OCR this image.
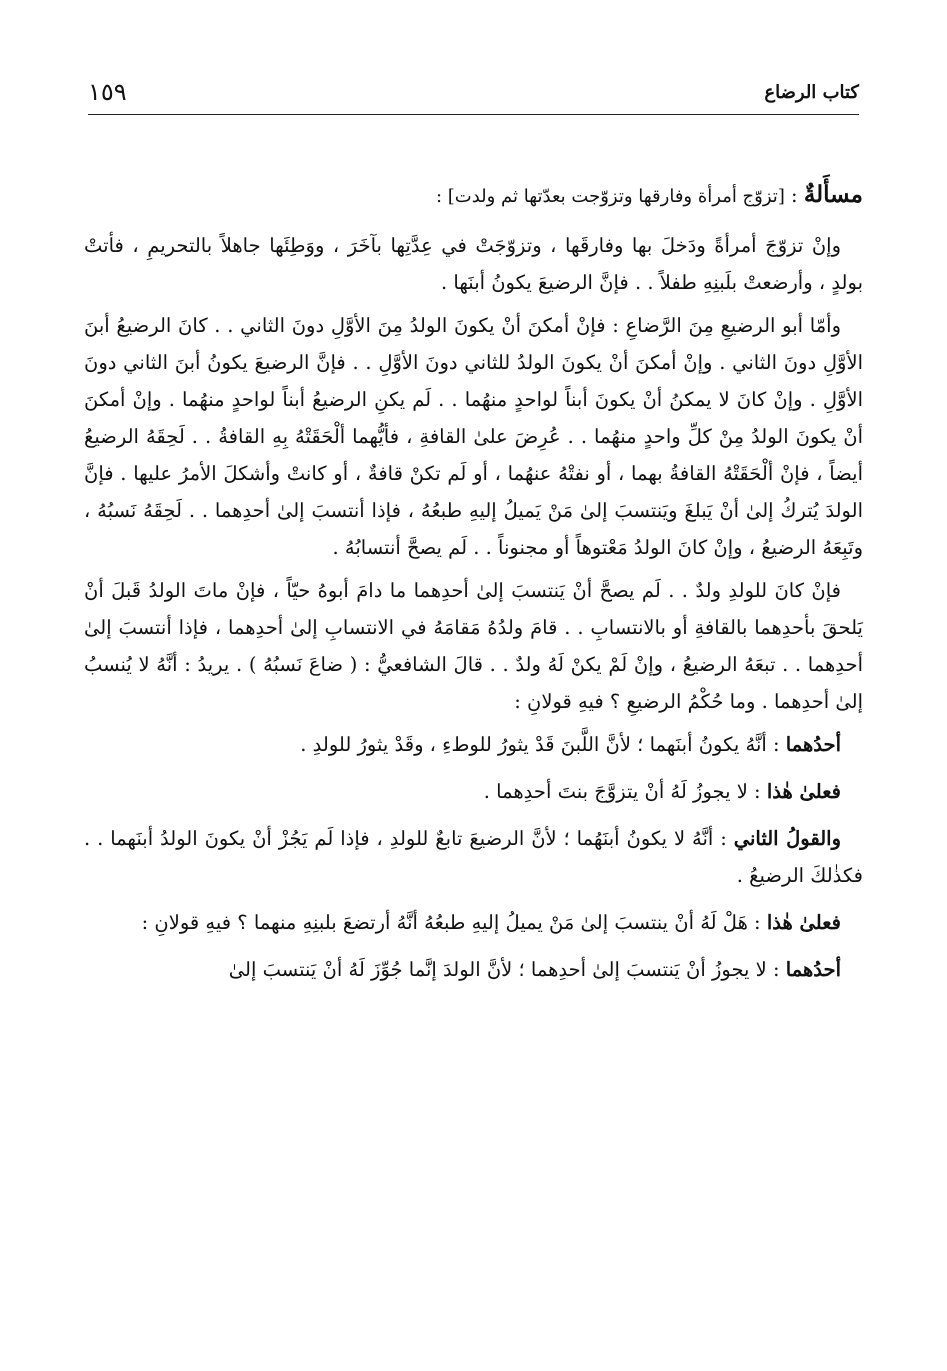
كتاب الرضاع
١٥٩

مسأَلةٌ : [تزوّج أمرأة وفارقها وتزوّجت بعدّتها ثم ولدت] :

وإنْ تزوّجَ أمرأةً ودَخلَ بها وفارقَها ، وتزوّجَتْ في عِدَّتِها بآخَرَ ، ووَطِئَها جاهلاً بالتحريمِ ، فأتتْ بولدٍ ، وأرضعتْ بلَبنِهِ طفلاً . . فإنَّ الرضيعَ يكونُ أبنَها .

وأمّا أبو الرضيعِ مِنَ الرَّضاعِ : فإنْ أمكنَ أنْ يكونَ الولدُ مِنَ الأوَّلِ دونَ الثاني . . كانَ الرضيعُ أبنَ الأوَّلِ دونَ الثاني . وإنْ أمكنَ أنْ يكونَ الولدُ للثاني دونَ الأوَّلِ . . فإنَّ الرضيعَ يكونُ أبنَ الثاني دونَ الأوَّلِ . وإنْ كانَ لا يمكنُ أنْ يكونَ أبناً لواحدٍ منهُما . . لَم يكنِ الرضيعُ أبناً لواحدٍ منهُما . وإنْ أمكنَ أنْ يكونَ الولدُ مِنْ كلِّ واحدٍ منهُما . . عُرِضَ علىٰ القافةِ ، فأيُّهما ألْحَقَتْهُ بِهِ القافةُ . . لَحِقَهُ الرضيعُ أيضاً ، فإنْ ألْحَقَتْهُ القافةُ بهما ، أو نفتْهُ عنهُما ، أو لَم تكنْ قافةٌ ، أو كانتْ وأشكلَ الأمرُ عليها . فإنَّ الولدَ يُتركُ إلىٰ أنْ يَبلغَ ويَنتسبَ إلىٰ مَنْ يَميلُ إليهِ طبعُهُ ، فإذا أنتسبَ إلىٰ أحدِهما . . لَحِقَهُ نَسبُهُ ، وتَبِعَهُ الرضيعُ ، وإنْ كانَ الولدُ مَعْتوهاً أو مجنوناً . . لَم يصحَّ أنتسابُهُ .

فإنْ كانَ للولدِ ولدٌ . . لَم يصحَّ أنْ يَنتسبَ إلىٰ أحدِهما ما دامَ أبوهُ حيّاً ، فإنْ ماتَ الولدُ قَبلَ أنْ يَلحقَ بأحدِهما بالقافةِ أو بالانتسابِ . . قامَ ولدُهُ مَقامَهُ في الانتسابِ إلىٰ أحدِهما ، فإذا أنتسبَ إلىٰ أحدِهما . . تبعَهُ الرضيعُ ، وإنْ لَمْ يكنْ لَهُ ولدٌ . . قالَ الشافعيُّ : ( ضاعَ نَسبُهُ ) . يريدُ : أنَّهُ لا يُنسبُ إلىٰ أحدِهما . وما حُكْمُ الرضيعِ ؟ فيهِ قولانِ :

أحدُهما : أنَّهُ يكونُ أبنَهما ؛ لأنَّ اللَّبنَ قَدْ يثورُ للوطءِ ، وقَدْ يثورُ للولدِ .

فعلىٰ هٰذا : لا يجوزُ لَهُ أنْ يتزوَّجَ بنتَ أحدِهما .

والقولُ الثاني : أنَّهُ لا يكونُ أبنَهُما ؛ لأنَّ الرضيعَ تابعٌ للولدِ ، فإذا لَم يَجُزْ أنْ يكونَ الولدُ أبنَهما . . فكذٰلكَ الرضيعُ .

فعلىٰ هٰذا : هَلْ لَهُ أنْ ينتسبَ إلىٰ مَنْ يميلُ إليهِ طبعُهُ أنَّهُ أرتضعَ بلبنِهِ منهما ؟ فيهِ قولانِ :

أحدُهما : لا يجوزُ أنْ يَنتسبَ إلىٰ أحدِهما ؛ لأنَّ الولدَ إنَّما جُوِّزَ لَهُ أنْ يَنتسبَ إلىٰ
